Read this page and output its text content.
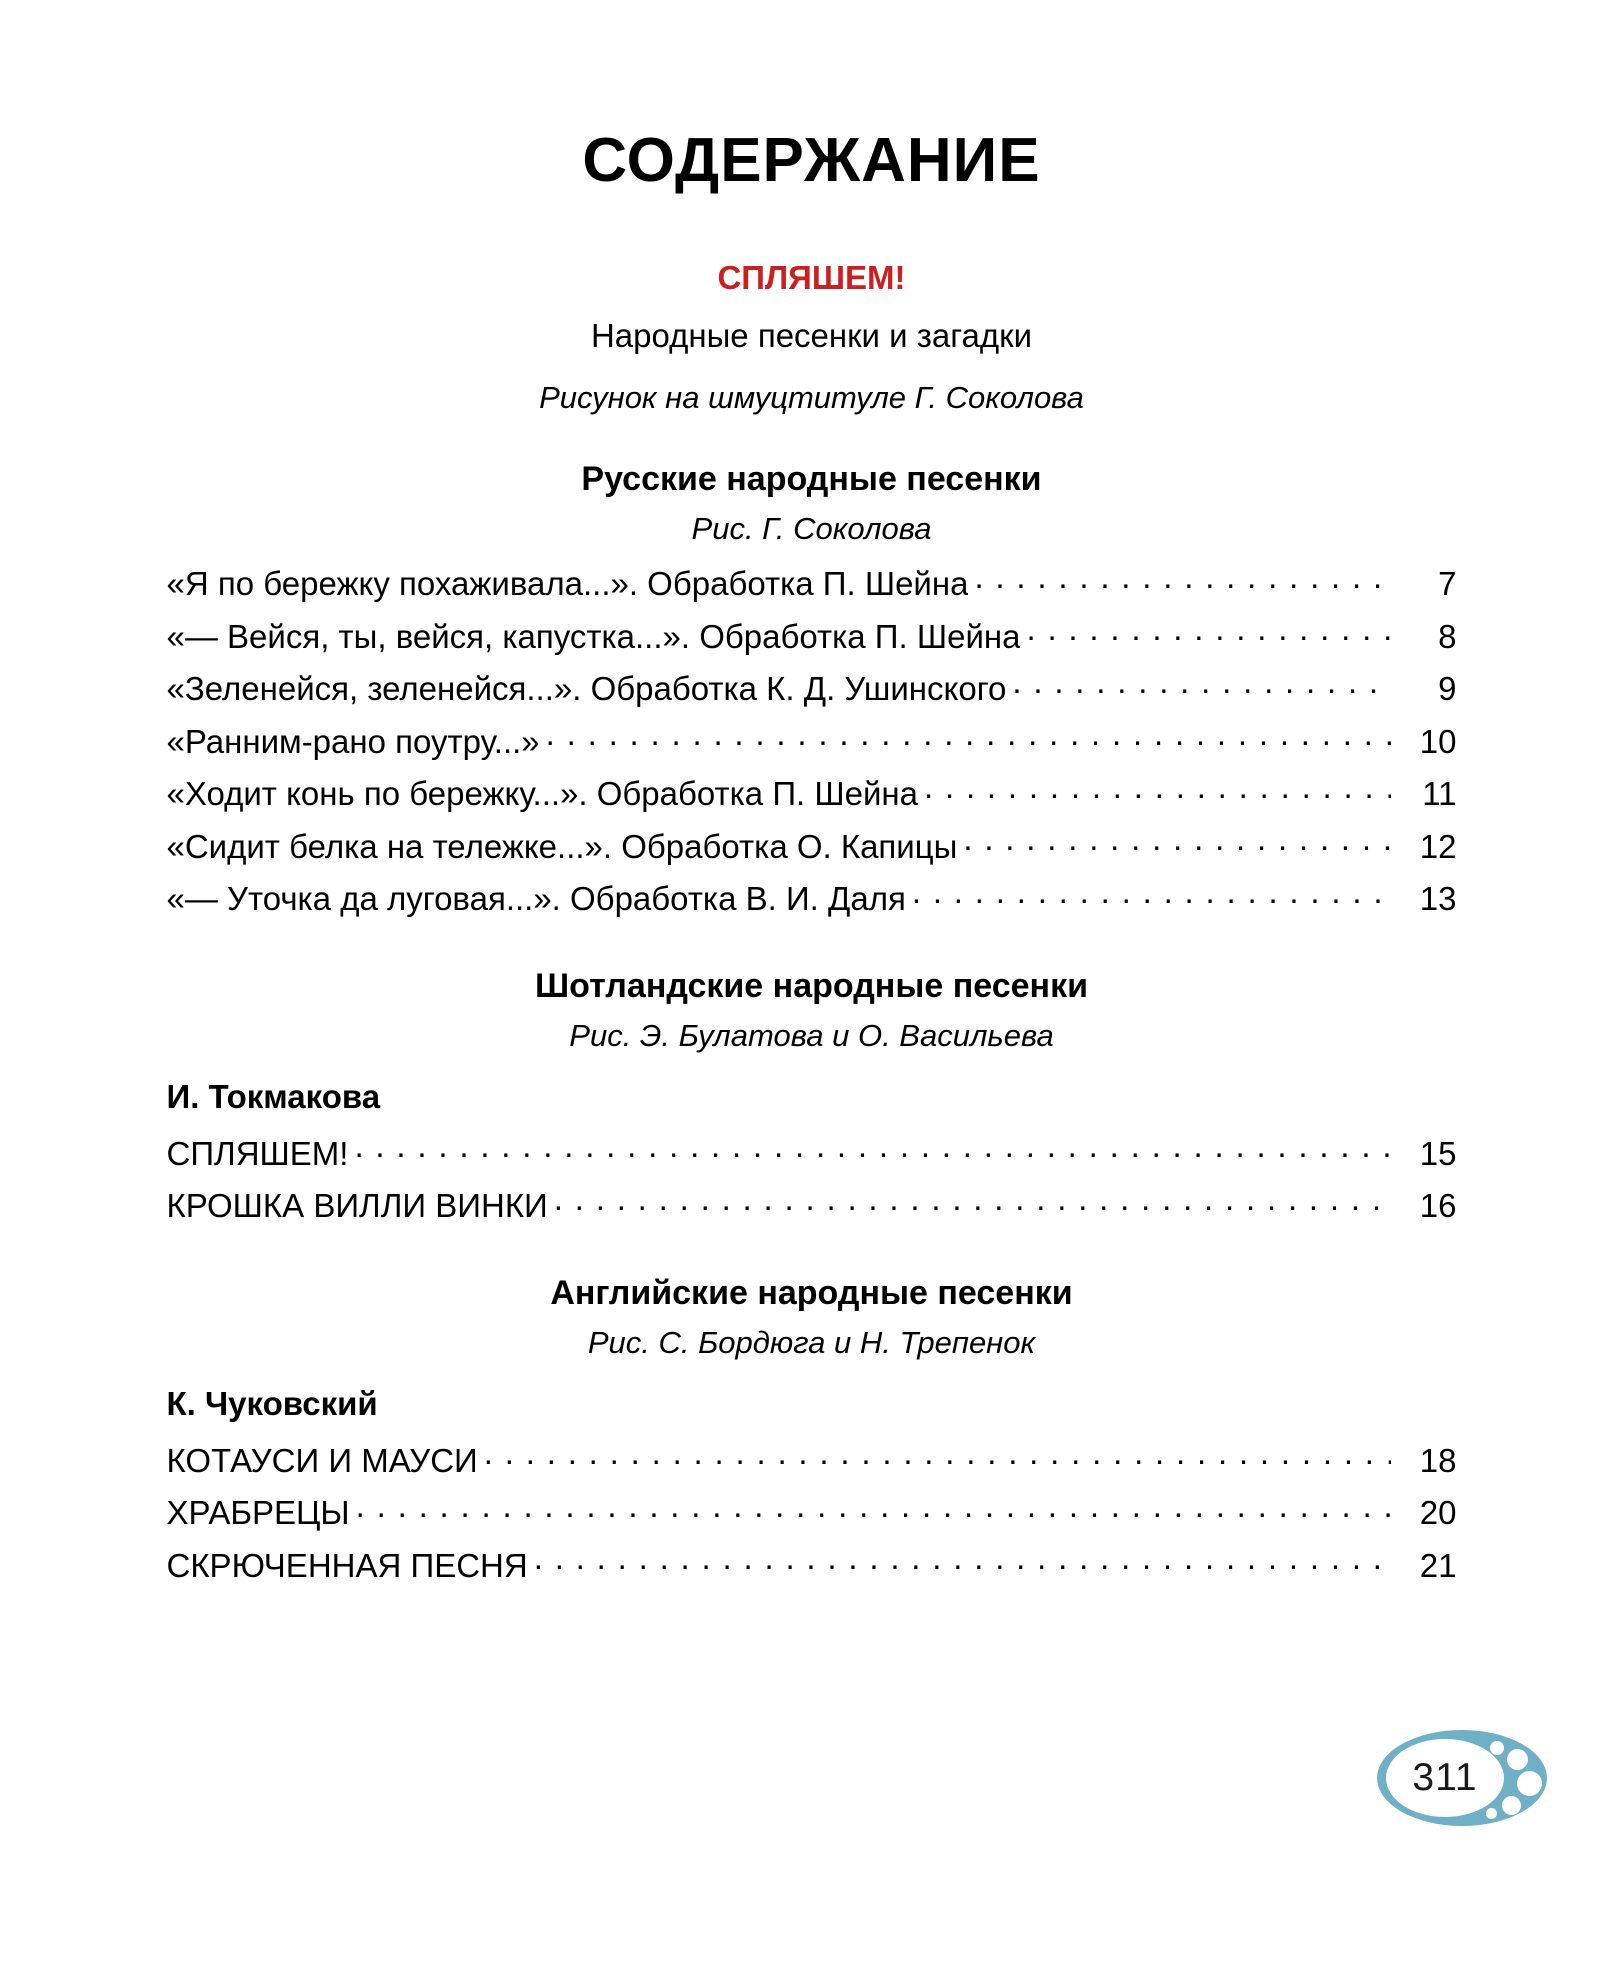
СОДЕРЖАНИЕ
СПЛЯШЕМ!
Народные песенки и загадки
Рисунок на шмуцтитуле Г. Соколова
Русские народные песенки
Рис. Г. Соколова
«Я по бережку похаживала...». Обработка П. Шейна . . .	7
«— Вейся, ты, вейся, капустка...». Обработка П. Шейна . . .	8
«Зеленейся, зеленейся...». Обработка К. Д. Ушинского . . .	9
«Ранним-рано поутру...» . . .	10
«Ходит конь по бережку...». Обработка П. Шейна . . .	11
«Сидит белка на тележке...». Обработка О. Капицы . . .	12
«— Уточка да луговая...». Обработка В. И. Даля . . .	13
Шотландские народные песенки
Рис. Э. Булатова и О. Васильева
И. Токмакова
СПЛЯШЕМ! . . .	15
КРОШКА ВИЛЛИ ВИНКИ . . .	16
Английские народные песенки
Рис. С. Бордюга и Н. Трепенок
К. Чуковский
КОТАУСИ И МАУСИ . . .	18
ХРАБРЕЦЫ . . .	20
СКРЮЧЕННАЯ ПЕСНЯ . . .	21
311
